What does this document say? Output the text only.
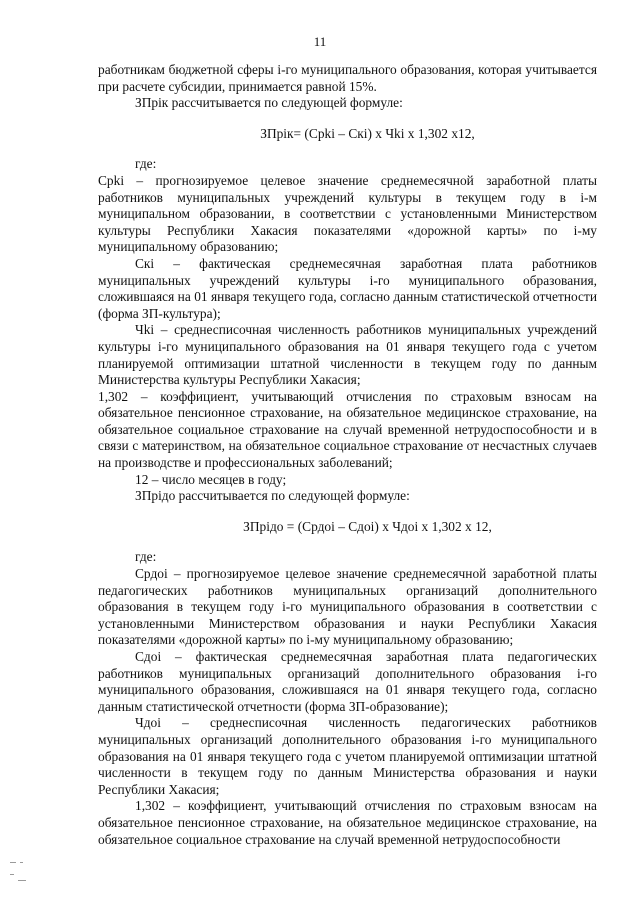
11

работникам бюджетной сферы i-го муниципального образования, которая учитывается при расчете субсидии, принимается равной 15%.

ЗПрiк рассчитывается по следующей формуле:

ЗПрiк= (Срkі – Скі) х Чki х 1,302 х12,

где:

Срki – прогнозируемое целевое значение среднемесячной заработной платы работников муниципальных учреждений культуры в текущем году в i-м муниципальном образовании, в соответствии с установленными Министерством культуры Республики Хакасия показателями «дорожной карты» по i-му муниципальному образованию;

Скі – фактическая среднемесячная заработная плата работников муниципальных учреждений культуры i-го муниципального образования, сложившаяся на 01 января текущего года, согласно данным статистической отчетности (форма ЗП-культура);

Чki – среднесписочная численность работников муниципальных учреждений культуры i-го муниципального образования на 01 января текущего года с учетом планируемой оптимизации штатной численности в текущем году по данным Министерства культуры Республики Хакасия;

1,302 – коэффициент, учитывающий отчисления по страховым взносам на обязательное пенсионное страхование, на обязательное медицинское страхование, на обязательное социальное страхование на случай временной нетрудоспособности и в связи с материнством, на обязательное социальное страхование от несчастных случаев на производстве и профессиональных заболеваний;

12 – число месяцев в году;

ЗПрiдо рассчитывается по следующей формуле:

ЗПрiдо = (Срдоi – Сдоi) х Чдоi х 1,302 х 12,

где:

Срдоi – прогнозируемое целевое значение среднемесячной заработной платы педагогических работников муниципальных организаций дополнительного образования в текущем году i-го муниципального образования в соответствии с установленными Министерством образования и науки Республики Хакасия показателями «дорожной карты» по i-му муниципальному образованию;

Сдоi – фактическая среднемесячная заработная плата педагогических работников муниципальных организаций дополнительного образования i-го муниципального образования, сложившаяся на 01 января текущего года, согласно данным статистической отчетности (форма ЗП-образование);

Чдоi – среднесписочная численность педагогических работников муниципальных организаций дополнительного образования i-го муниципального образования на 01 января текущего года с учетом планируемой оптимизации штатной численности в текущем году по данным Министерства образования и науки Республики Хакасия;

1,302 – коэффициент, учитывающий отчисления по страховым взносам на обязательное пенсионное страхование, на обязательное медицинское страхование, на обязательное социальное страхование на случай временной нетрудоспособности
